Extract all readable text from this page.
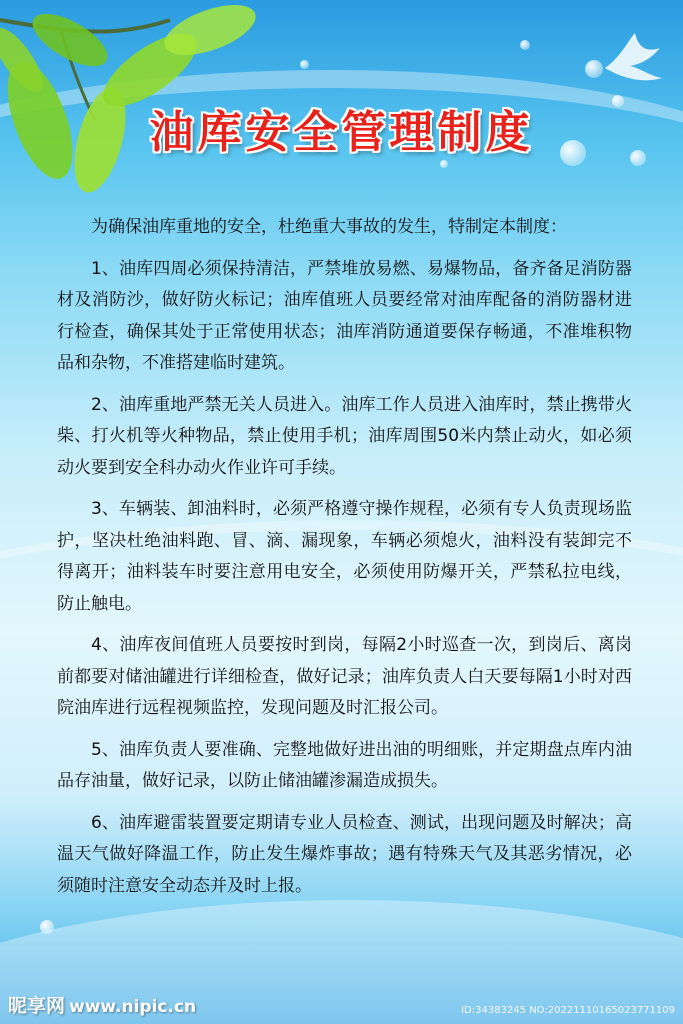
油库安全管理制度

为确保油库重地的安全，杜绝重大事故的发生，特制定本制度：

1、油库四周必须保持清洁，严禁堆放易燃、易爆物品，备齐备足消防器材及消防沙，做好防火标记；油库值班人员要经常对油库配备的消防器材进行检查，确保其处于正常使用状态；油库消防通道要保存畅通，不准堆积物品和杂物，不准搭建临时建筑。

2、油库重地严禁无关人员进入。油库工作人员进入油库时，禁止携带火柴、打火机等火种物品，禁止使用手机；油库周围50米内禁止动火，如必须动火要到安全科办动火作业许可手续。

3、车辆装、卸油料时，必须严格遵守操作规程，必须有专人负责现场监护，坚决杜绝油料跑、冒、滴、漏现象，车辆必须熄火，油料没有装卸完不得离开；油料装车时要注意用电安全，必须使用防爆开关，严禁私拉电线，防止触电。

4、油库夜间值班人员要按时到岗，每隔2小时巡查一次，到岗后、离岗前都要对储油罐进行详细检查，做好记录；油库负责人白天要每隔1小时对西院油库进行远程视频监控，发现问题及时汇报公司。

5、油库负责人要准确、完整地做好进出油的明细账，并定期盘点库内油品存油量，做好记录，以防止储油罐渗漏造成损失。

6、油库避雷装置要定期请专业人员检查、测试，出现问题及时解决；高温天气做好降温工作，防止发生爆炸事故；遇有特殊天气及其恶劣情况，必须随时注意安全动态并及时上报。

昵享网 www.nipic.cn	ID:34383245 NO:20221110165023771109
